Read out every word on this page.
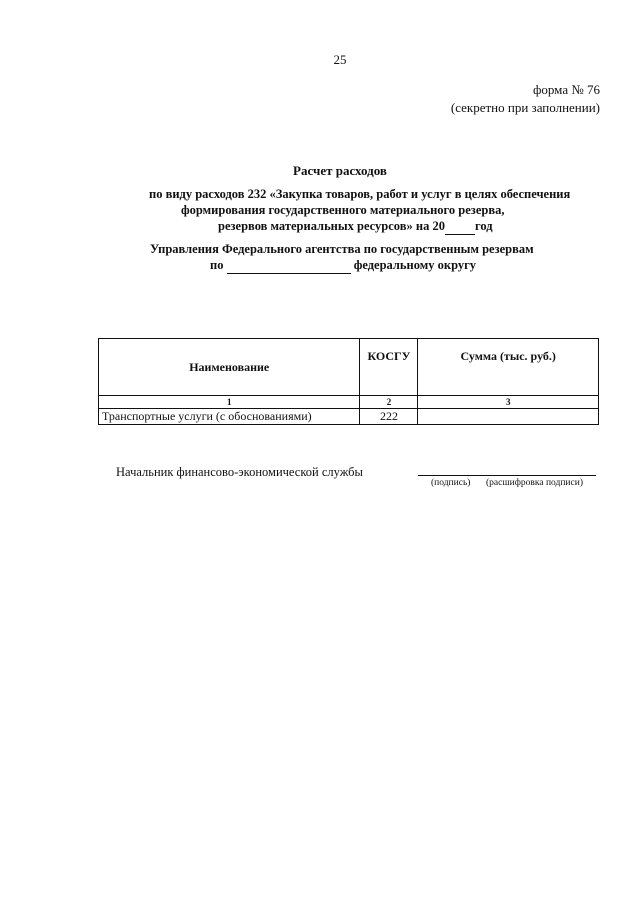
25
форма № 76
(секретно при заполнении)
Расчет расходов
по виду расходов 232 «Закупка товаров, работ и услуг в целях обеспечения
формирования государственного материального резерва,
резервов материальных ресурсов» на 20 год
Управления Федерального агентства по государственным резервам
по	федеральному округу
Наименование	КОСГУ	Сумма (тыс. руб.)
1	2	3
Транспортные услуги (с обоснованиями)	222	
Начальник финансово-экономической службы
(подпись) (расшифровка подписи)
